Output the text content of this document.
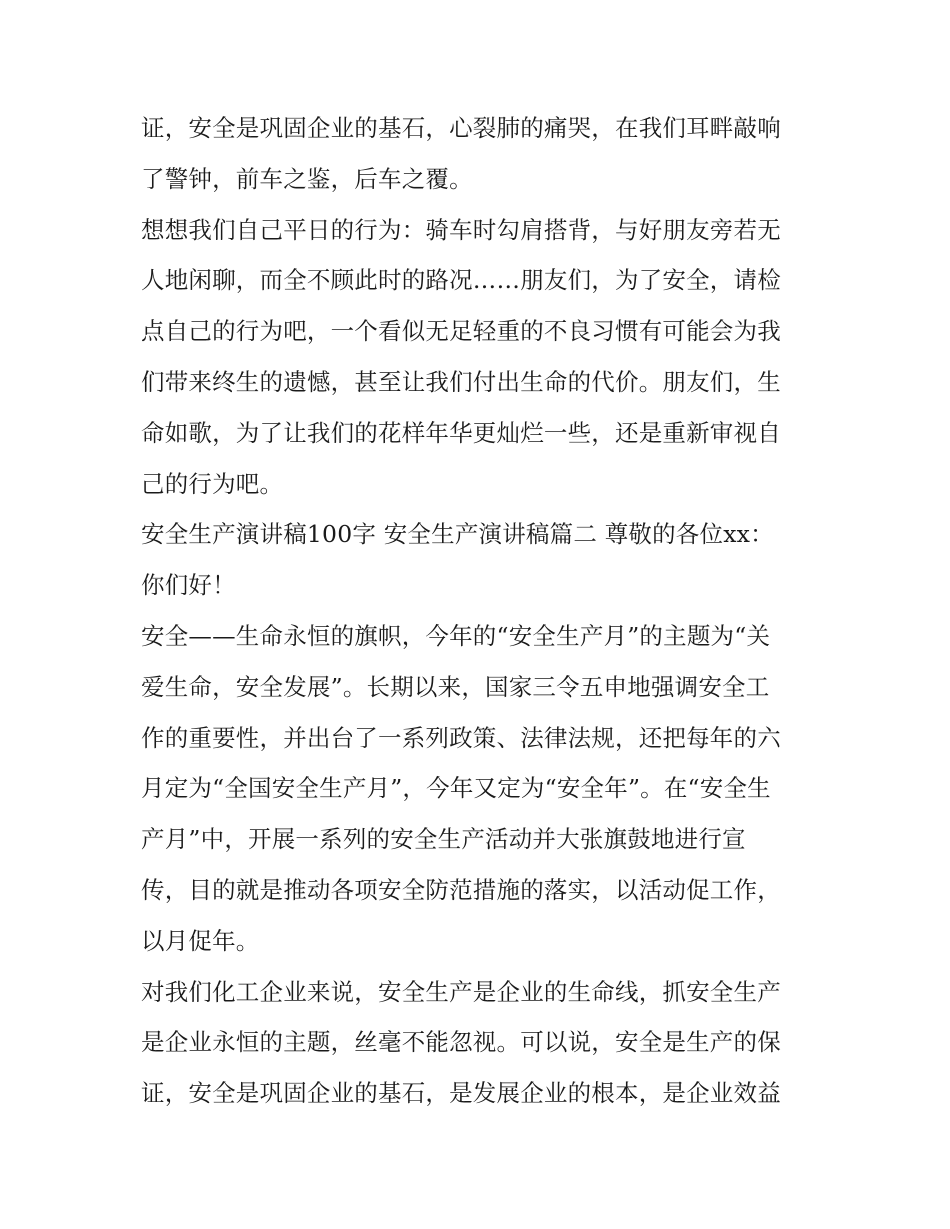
证，安全是巩固企业的基石，心裂肺的痛哭，在我们耳畔敲响
了警钟，前车之鉴，后车之覆。
想想我们自己平日的行为：骑车时勾肩搭背，与好朋友旁若无
人地闲聊，而全不顾此时的路况……朋友们，为了安全，请检
点自己的行为吧，一个看似无足轻重的不良习惯有可能会为我
们带来终生的遗憾，甚至让我们付出生命的代价。朋友们，生
命如歌，为了让我们的花样年华更灿烂一些，还是重新审视自
己的行为吧。
安全生产演讲稿100字 安全生产演讲稿篇二 尊敬的各位xx：
你们好！
安全——生命永恒的旗帜，今年的“安全生产月”的主题为“关
爱生命，安全发展”。长期以来，国家三令五申地强调安全工
作的重要性，并出台了一系列政策、法律法规，还把每年的六
月定为“全国安全生产月”，今年又定为“安全年”。在“安全生
产月”中，开展一系列的安全生产活动并大张旗鼓地进行宣
传，目的就是推动各项安全防范措施的落实，以活动促工作，
以月促年。
对我们化工企业来说，安全生产是企业的生命线，抓安全生产
是企业永恒的主题，丝毫不能忽视。可以说，安全是生产的保
证，安全是巩固企业的基石，是发展企业的根本，是企业效益
